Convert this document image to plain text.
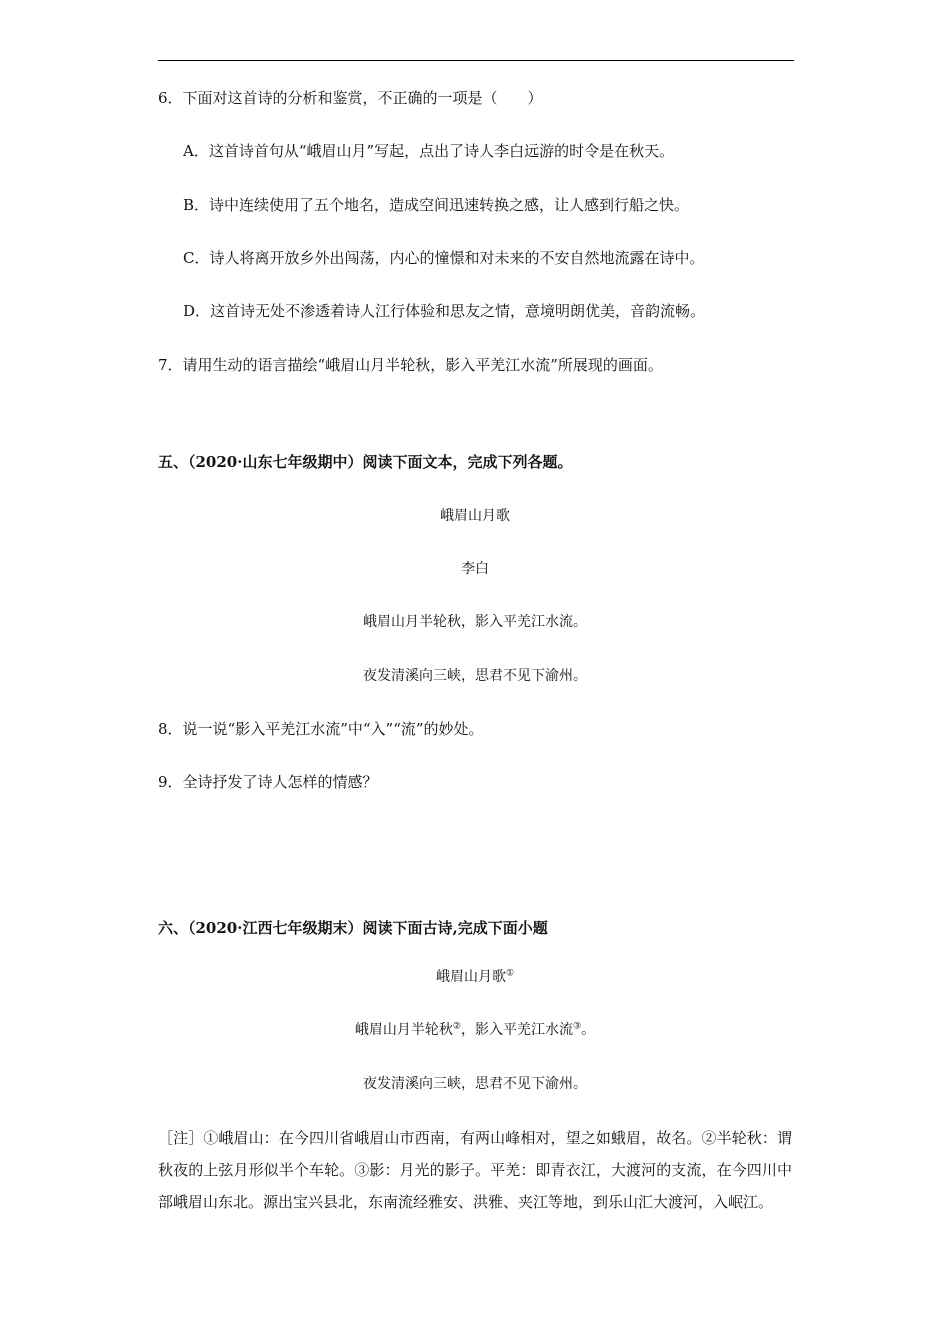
6．下面对这首诗的分析和鉴赏，不正确的一项是（　　）
A．这首诗首句从“峨眉山月”写起，点出了诗人李白远游的时令是在秋天。
B．诗中连续使用了五个地名，造成空间迅速转换之感，让人感到行船之快。
C．诗人将离开放乡外出闯荡，内心的憧憬和对未来的不安自然地流露在诗中。
D．这首诗无处不渗透着诗人江行体验和思友之情，意境明朗优美，音韵流畅。
7．请用生动的语言描绘“峨眉山月半轮秋，影入平羌江水流”所展现的画面。
五、（2020·山东七年级期中）阅读下面文本，完成下列各题。
峨眉山月歌
李白
峨眉山月半轮秋，影入平羌江水流。
夜发清溪向三峡，思君不见下渝州。
8．说一说“影入平羌江水流”中“入”“流”的妙处。
9．全诗抒发了诗人怎样的情感？
六、（2020·江西七年级期末）阅读下面古诗,完成下面小题
峨眉山月歌①
峨眉山月半轮秋②，影入平羌江水流③。
夜发清溪向三峡，思君不见下渝州。
［注］①峨眉山：在今四川省峨眉山市西南，有两山峰相对，望之如蛾眉，故名。②半轮秋：谓秋夜的上弦月形似半个车轮。③影：月光的影子。平羌：即青衣江，大渡河的支流，在今四川中部峨眉山东北。源出宝兴县北，东南流经雅安、洪雅、夹江等地，到乐山汇大渡河，入岷江。
